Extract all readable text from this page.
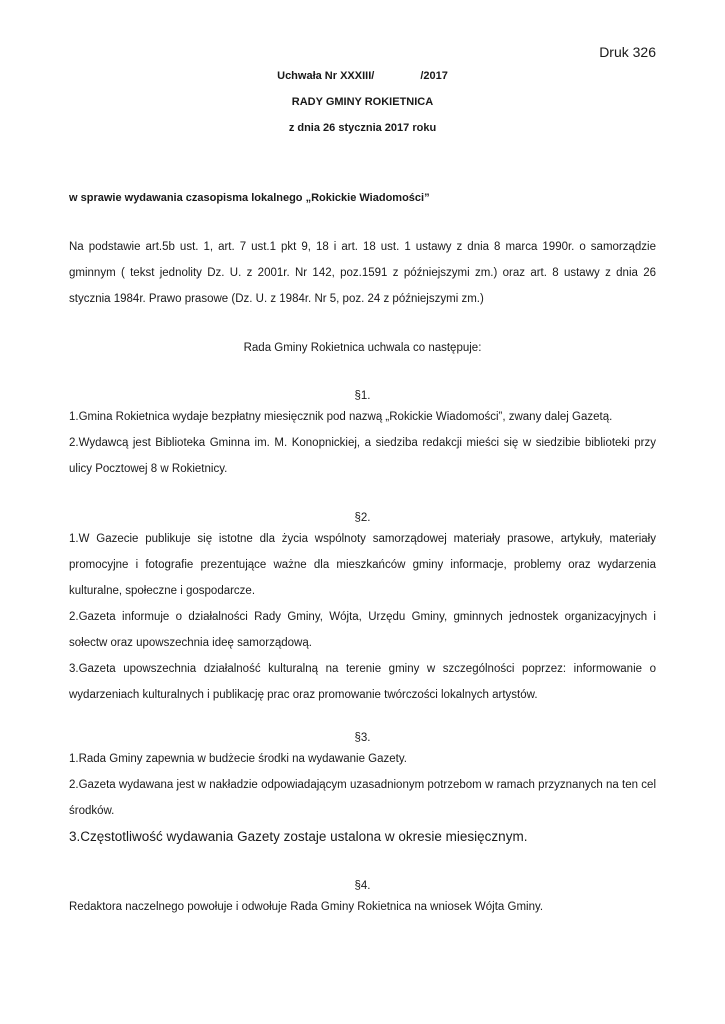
Druk 326
Uchwała Nr XXXIII/	/2017
RADY GMINY ROKIETNICA
z dnia 26 stycznia 2017 roku
w sprawie wydawania czasopisma lokalnego „Rokickie Wiadomości”
Na podstawie art.5b ust. 1, art. 7 ust.1 pkt 9, 18 i art. 18 ust. 1 ustawy z dnia 8 marca 1990r. o samorządzie gminnym ( tekst jednolity Dz. U. z 2001r. Nr 142, poz.1591 z późniejszymi zm.) oraz art. 8 ustawy z dnia 26 stycznia 1984r. Prawo prasowe (Dz. U. z 1984r. Nr 5, poz. 24 z późniejszymi zm.)
Rada Gminy Rokietnica uchwala co następuje:
§1.

1.Gmina Rokietnica wydaje bezpłatny miesięcznik pod nazwą „Rokickie Wiadomości”, zwany dalej Gazetą.

2.Wydawcą jest Biblioteka Gminna im. M. Konopnickiej, a siedziba redakcji mieści się w siedzibie biblioteki przy ulicy Pocztowej 8 w Rokietnicy.

§2.

1.W Gazecie publikuje się istotne dla życia wspólnoty samorządowej materiały prasowe, artykuły, materiały promocyjne i fotografie prezentujące ważne dla mieszkańców gminy informacje, problemy oraz wydarzenia kulturalne, społeczne i gospodarcze.

2.Gazeta informuje o działalności Rady Gminy, Wójta, Urzędu Gminy, gminnych jednostek organizacyjnych i sołectw oraz upowszechnia ideę samorządową.

3.Gazeta upowszechnia działalność kulturalną na terenie gminy w szczególności poprzez: informowanie o wydarzeniach kulturalnych i publikację prac oraz promowanie twórczości lokalnych artystów.

§3.

1.Rada Gminy zapewnia w budżecie środki na wydawanie Gazety.

2.Gazeta wydawana jest w nakładzie odpowiadającym uzasadnionym potrzebom w ramach przyznanych na ten cel środków.

3.Częstotliwość wydawania Gazety zostaje ustalona w okresie miesięcznym.

§4.

Redaktora naczelnego powołuje i odwołuje Rada Gminy Rokietnica na wniosek Wójta Gminy.
